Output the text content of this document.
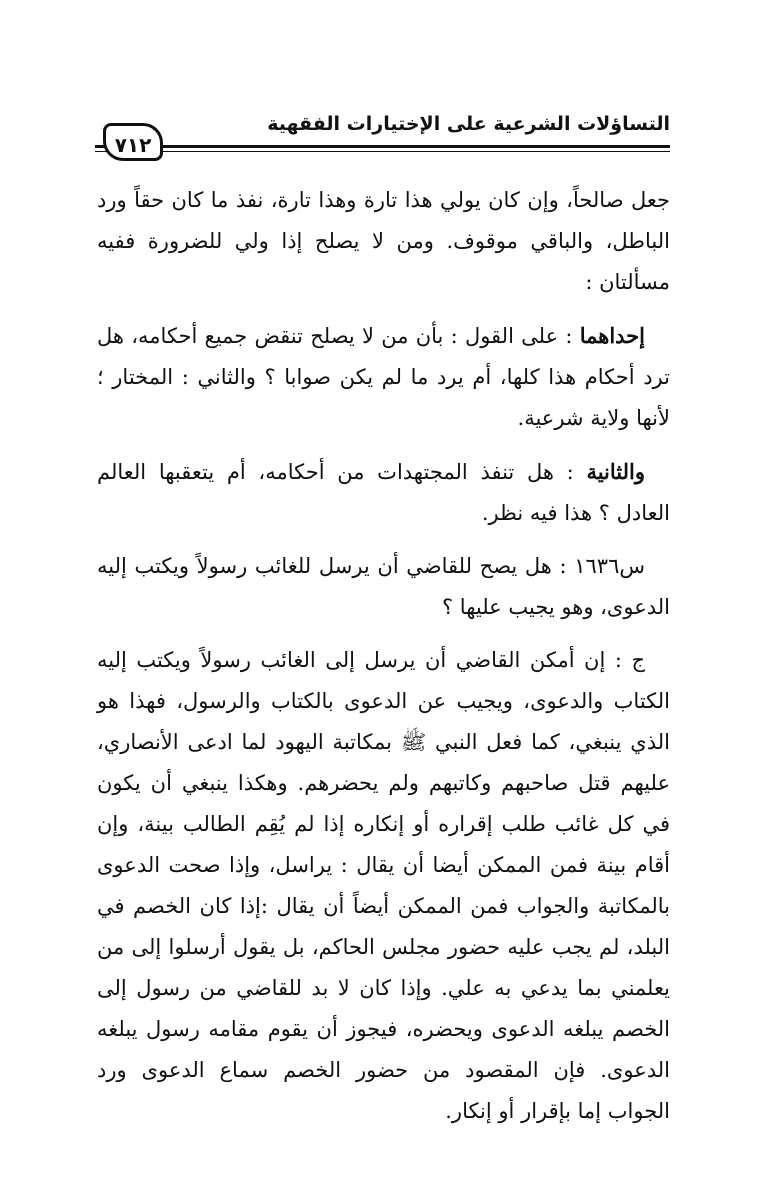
التساؤلات الشرعية على الإختيارات الفقهية
٧١٢

جعل صالحاً، وإن كان يولي هذا تارة وهذا تارة، نفذ ما كان حقاً ورد الباطل، والباقي موقوف. ومن لا يصلح إذا ولي للضرورة ففيه مسألتان :

إحداهما : على القول : بأن من لا يصلح تنقض جميع أحكامه، هل ترد أحكام هذا كلها، أم يرد ما لم يكن صوابا ؟ والثاني : المختار ؛ لأنها ولاية شرعية.

والثانية : هل تنفذ المجتهدات من أحكامه، أم يتعقبها العالم العادل ؟ هذا فيه نظر.

س١٦٣٦ : هل يصح للقاضي أن يرسل للغائب رسولاً ويكتب إليه الدعوى، وهو يجيب عليها ؟

ج : إن أمكن القاضي أن يرسل إلى الغائب رسولاً ويكتب إليه الكتاب والدعوى، ويجيب عن الدعوى بالكتاب والرسول، فهذا هو الذي ينبغي، كما فعل النبي ﷺ بمكاتبة اليهود لما ادعى الأنصاري، عليهم قتل صاحبهم وكاتبهم ولم يحضرهم. وهكذا ينبغي أن يكون في كل غائب طلب إقراره أو إنكاره إذا لم يُقِم الطالب بينة، وإن أقام بينة فمن الممكن أيضا أن يقال : يراسل، وإذا صحت الدعوى بالمكاتبة والجواب فمن الممكن أيضاً أن يقال :إذا كان الخصم في البلد، لم يجب عليه حضور مجلس الحاكم، بل يقول أرسلوا إلى من يعلمني بما يدعي به علي. وإذا كان لا بد للقاضي من رسول إلى الخصم يبلغه الدعوى ويحضره، فيجوز أن يقوم مقامه رسول يبلغه الدعوى. فإن المقصود من حضور الخصم سماع الدعوى ورد الجواب إما بإقرار أو إنكار.
